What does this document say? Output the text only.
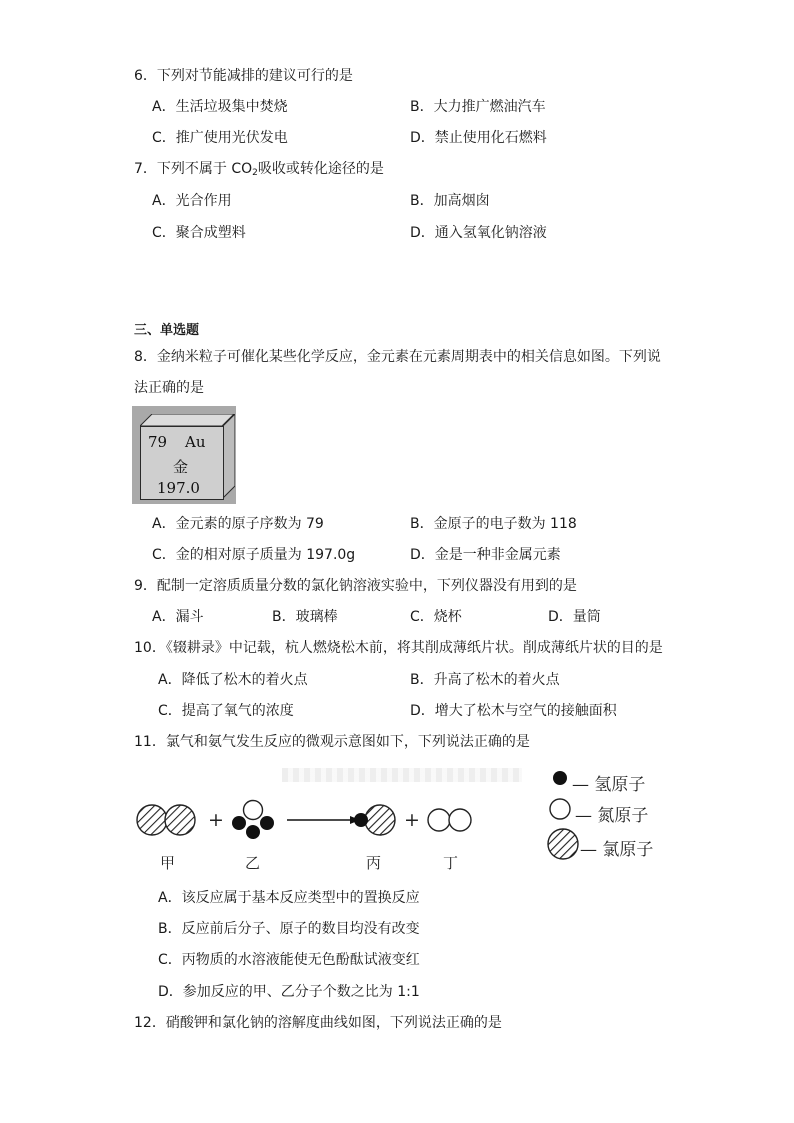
6．下列对节能减排的建议可行的是
A．生活垃圾集中焚烧	B．大力推广燃油汽车
C．推广使用光伏发电	D．禁止使用化石燃料
7．下列不属于 $CO_2$吸收或转化途径的是
A．光合作用	B．加高烟囱
C．聚合成塑料	D．通入氢氧化钠溶液
三、单选题
8．金纳米粒子可催化某些化学反应，金元素在元素周期表中的相关信息如图。下列说
法正确的是
79 Au
金
197.0
A．金元素的原子序数为 79	B．金原子的电子数为 118
C．金的相对原子质量为 197.0g	D．金是一种非金属元素
9．配制一定溶质质量分数的氯化钠溶液实验中，下列仪器没有用到的是
A．漏斗	B．玻璃棒	C．烧杯	D．量筒
10．《辍耕录》中记载，杭人燃烧松木前，将其削成薄纸片状。削成薄纸片状的目的是
A．降低了松木的着火点	B．升高了松木的着火点
C．提高了氧气的浓度	D．增大了松木与空气的接触面积
11．氯气和氨气发生反应的微观示意图如下，下列说法正确的是
+	+
甲	乙	丙	丁
— 氢原子
— 氮原子
— 氯原子
A．该反应属于基本反应类型中的置换反应
B．反应前后分子、原子的数目均没有改变
C．丙物质的水溶液能使无色酚酞试液变红
D．参加反应的甲、乙分子个数之比为 1:1
12．硝酸钾和氯化钠的溶解度曲线如图，下列说法正确的是
